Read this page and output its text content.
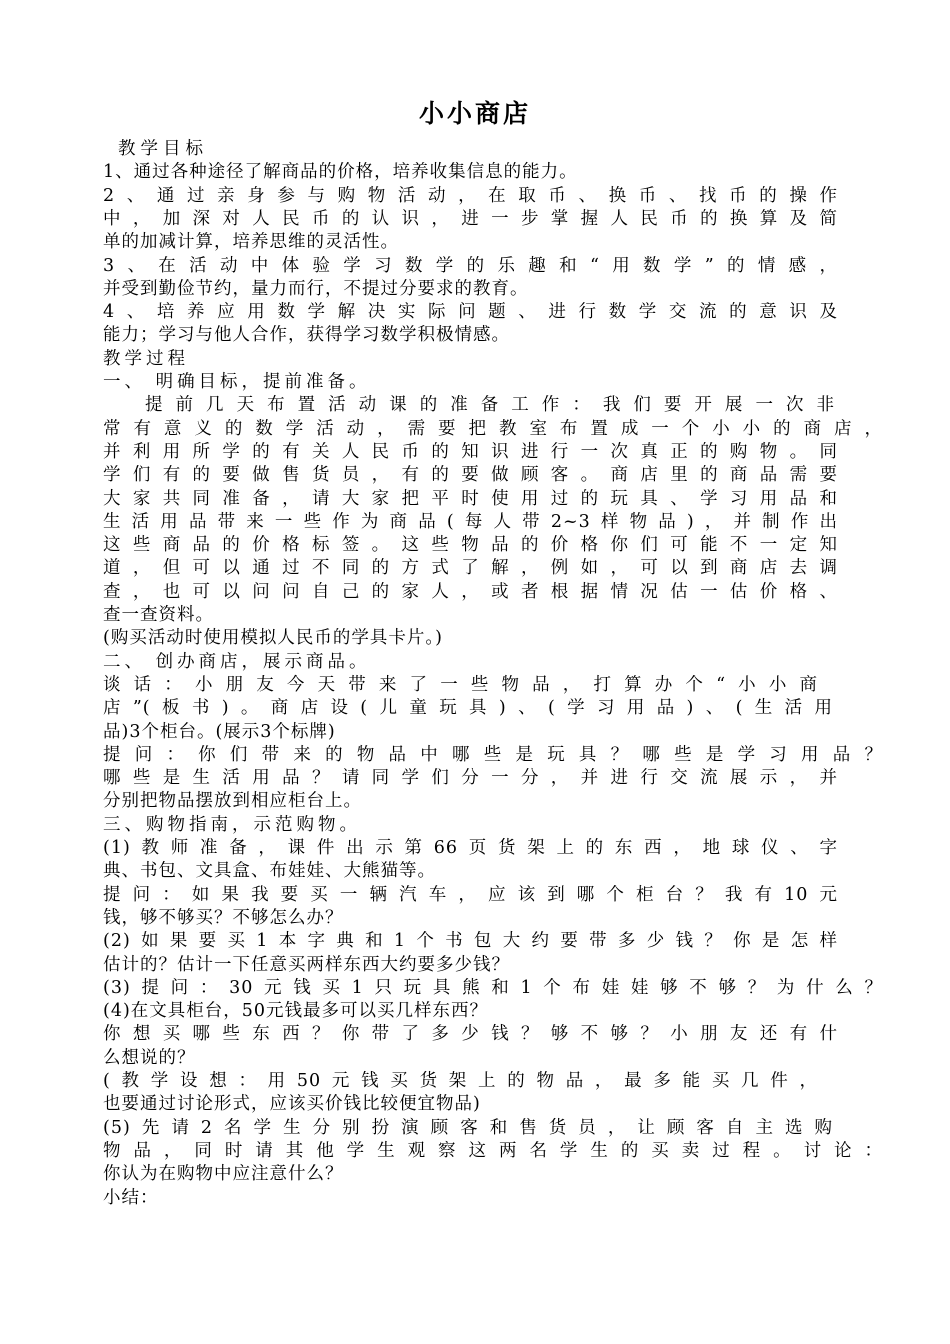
小小商店
教学目标
1、通过各种途径了解商品的价格，培养收集信息的能力。
2、通过亲身参与购物活动，在取币、换币、找币的操作
中，加深对人民币的认识，进一步掌握人民币的换算及简
单的加减计算，培养思维的灵活性。
3、在活动中体验学习数学的乐趣和“用数学”的情感，
并受到勤俭节约，量力而行，不提过分要求的教育。
4、培养应用数学解决实际问题、进行数学交流的意识及
能力；学习与他人合作，获得学习数学积极情感。
教学过程
一、 明确目标，提前准备。
提前几天布置活动课的准备工作：我们要开展一次非
常有意义的数学活动，需要把教室布置成一个小小的商店，
并利用所学的有关人民币的知识进行一次真正的购物。同
学们有的要做售货员，有的要做顾客。商店里的商品需要
大家共同准备，请大家把平时使用过的玩具、学习用品和
生活用品带来一些作为商品(每人带2~3样物品)，并制作出
这些商品的价格标签。这些物品的价格你们可能不一定知
道，但可以通过不同的方式了解，例如，可以到商店去调
查，也可以问问自己的家人，或者根据情况估一估价格、
查一查资料。
(购买活动时使用模拟人民币的学具卡片。)
二、 创办商店，展示商品。
谈话：小朋友今天带来了一些物品，打算办个“小小商
店”(板书)。商店设(儿童玩具)、(学习用品)、(生活用
品)3个柜台。(展示3个标牌)
提问：你们带来的物品中哪些是玩具？哪些是学习用品？
哪些是生活用品？请同学们分一分，并进行交流展示，并
分别把物品摆放到相应柜台上。
三、购物指南，示范购物。
(1)教师准备，课件出示第66页货架上的东西，地球仪、字
典、书包、文具盒、布娃娃、大熊猫等。
提问：如果我要买一辆汽车，应该到哪个柜台？我有10元
钱，够不够买？不够怎么办？
(2)如果要买1本字典和1个书包大约要带多少钱？你是怎样
估计的？估计一下任意买两样东西大约要多少钱？
(3)提问：30元钱买1只玩具熊和1个布娃娃够不够？为什么？
(4)在文具柜台，50元钱最多可以买几样东西？
你想买哪些东西？你带了多少钱？够不够？小朋友还有什
么想说的？
(教学设想：用50元钱买货架上的物品，最多能买几件，
也要通过讨论形式，应该买价钱比较便宜物品)
(5)先请2名学生分别扮演顾客和售货员，让顾客自主选购
物品，同时请其他学生观察这两名学生的买卖过程。讨论：
你认为在购物中应注意什么？
小结：
